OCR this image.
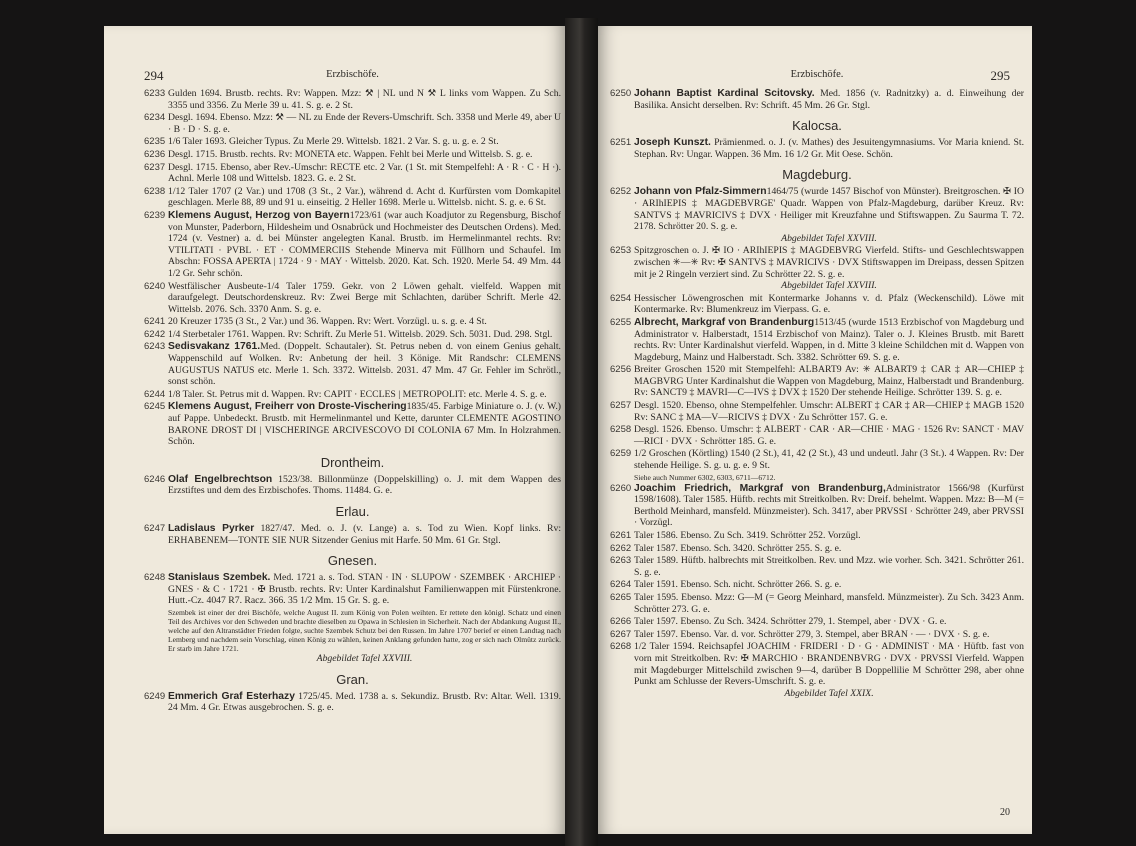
294	Erzbischöfe.
6233 Gulden 1694. Brustb. rechts. Rv: Wappen. Mzz: ⚒ | NL und N ⚒ L links vom Wappen. Zu Sch. 3355 und 3356. Zu Merle 39 u. 41. S. g. e. 2 St.
6234 Desgl. 1694. Ebenso. Mzz: ⚒ — NL zu Ende der Revers-Umschrift. Sch. 3358 und Merle 49, aber U · B · D · S. g. e.
6235 1/6 Taler 1693. Gleicher Typus. Zu Merle 29. Wittelsb. 1821. 2 Var. S. g. u. g. e. 2 St.
6236 Desgl. 1715. Brustb. rechts. Rv: MONETA etc. Wappen. Fehlt bei Merle und Wittelsb. S. g. e.
6237 Desgl. 1715. Ebenso, aber Rev.-Umschr: RECTE etc. 2 Var. (1 St. mit Stempelfehl: A · R · C · H ·). Achnl. Merle 108 und Wittelsb. 1823. G. e. 2 St.
6238 1/12 Taler 1707 (2 Var.) und 1708 (3 St., 2 Var.), während d. Acht d. Kurfürsten vom Domkapitel geschlagen. Merle 88, 89 und 91 u. einseitig. 2 Heller 1698. Merle u. Wittelsb. nicht. S. g. e. 6 St.
6239 Klemens August, Herzog von Bayern1723/61 (war auch Koadjutor zu Regensburg, Bischof von Munster, Paderborn, Hildesheim und Osnabrück und Hochmeister des Deutschen Ordens). Med. 1724 (v. Vestner) a. d. bei Münster angelegten Kanal. Brustb. im Hermelinmantel rechts. Rv: VTILITATI · PVBL · ET · COMMERCIIS Stehende Minerva mit Füllhorn und Schaufel. Im Abschn: FOSSA APERTA | 1724 · 9 · MAY · Wittelsb. 2020. Kat. Sch. 1920. Merle 54. 49 Mm. 44 1/2 Gr. Sehr schön.
6240 Westfälischer Ausbeute-1/4 Taler 1759. Gekr. von 2 Löwen gehalt. vielfeld. Wappen mit daraufgelegt. Deutschordenskreuz. Rv: Zwei Berge mit Schlachten, darüber Schrift. Merle 42. Wittelsb. 2076. Sch. 3370 Anm. S. g. e.
6241 20 Kreuzer 1735 (3 St., 2 Var.) und 36. Wappen. Rv: Wert. Vorzügl. u. s. g. e. 4 St.
6242 1/4 Sterbetaler 1761. Wappen. Rv: Schrift. Zu Merle 51. Wittelsb. 2029. Sch. 5031. Dud. 298. Stgl.
6243 Sedisvakanz 1761.Med. (Doppelt. Schautaler). St. Petrus neben d. von einem Genius gehalt. Wappenschild auf Wolken. Rv: Anbetung der heil. 3 Könige. Mit Randschr: CLEMENS AUGUSTUS NATUS etc. Merle 1. Sch. 3372. Wittelsb. 2031. 47 Mm. 47 Gr. Fehler im Schrötl., sonst schön.
6244 1/8 Taler. St. Petrus mit d. Wappen. Rv: CAPIT · ECCLES | METROPOLIT: etc. Merle 4. S. g. e.
6245 Klemens August, Freiherr von Droste-Vischering1835/45. Farbige Miniature o. J. (v. W.) auf Pappe. Unbedeckt. Brustb. mit Hermelinmantel und Kette, darunter CLEMENTE AGOSTINO BARONE DROST DI | VISCHERINGE ARCIVESCOVO DI COLONIA 67 Mm. In Holzrahmen. Schön.
Drontheim.
6246 Olaf Engelbrechtson 1523/38. Billonmünze (Doppelskilling) o. J. mit dem Wappen des Erzstiftes und dem des Erzbischofes. Thoms. 11484. G. e.
Erlau.
6247 Ladislaus Pyrker 1827/47. Med. o. J. (v. Lange) a. s. Tod zu Wien. Kopf links. Rv: ERHABENEM—TONTE SIE NUR Sitzender Genius mit Harfe. 50 Mm. 61 Gr. Stgl.
Gnesen.
6248 Stanislaus Szembek. Med. 1721 a. s. Tod. STAN · IN · SLUPOW · SZEMBEK · ARCHIEP · GNES · & C · 1721 · ✠ Brustb. rechts. Rv: Unter Kardinalshut Familienwappen mit Fürstenkrone. Hutt.-Cz. 4047 R7. Racz. 366. 35 1/2 Mm. 15 Gr. S. g. e.
Szembek ist einer der drei Bischöfe, welche August II. zum König von Polen weihten. Er rettete den königl. Schatz und einen Teil des Archives vor den Schweden und brachte dieselben zu Opawa in Schlesien in Sicherheit. Nach der Abdankung August II., welche auf den Altranstädter Frieden folgte, suchte Szembek Schutz bei den Russen. Im Jahre 1707 berief er einen Landtag nach Lemberg und nachdem sein Vorschlag, einen König zu wählen, keinen Anklang gefunden hatte, zog er sich nach Olmütz zurück. Er starb im Jahre 1721.
Abgebildet Tafel XXVIII.
Gran.
6249 Emmerich Graf Esterhazy 1725/45. Med. 1738 a. s. Sekundiz. Brustb. Rv: Altar. Well. 1319. 24 Mm. 4 Gr. Etwas ausgebrochen. S. g. e.
Erzbischöfe.	295
6250 Johann Baptist Kardinal Scitovsky. Med. 1856 (v. Radnitzky) a. d. Einweihung der Basilika. Ansicht derselben. Rv: Schrift. 45 Mm. 26 Gr. Stgl.
Kalocsa.
6251 Joseph Kunszt. Prämienmed. o. J. (v. Mathes) des Jesuitengymnasiums. Vor Maria kniend. St. Stephan. Rv: Ungar. Wappen. 36 Mm. 16 1/2 Gr. Mit Oese. Schön.
Magdeburg.
6252 Johann von Pfalz-Simmern1464/75 (wurde 1457 Bischof von Münster). Breitgroschen. ✠ IO · ARIhIEPIS ‡ MAGDEBVRGE' Quadr. Wappen von Pfalz-Magdeburg, darüber Kreuz. Rv: SANTVS ‡ MAVRICIVS ‡ DVX · Heiliger mit Kreuzfahne und Stiftswappen. Zu Saurma T. 72. 2178. Schrötter 20. S. g. e.
Abgebildet Tafel XXVIII.
6253 Spitzgroschen o. J. ✠ IO · ARIhIEPIS ‡ MAGDEBVRG Vierfeld. Stifts- und Geschlechtswappen zwischen ✳—✳ Rv: ✠ SANTVS ‡ MAVRICIVS · DVX Stiftswappen im Dreipass, dessen Spitzen mit je 2 Ringeln verziert sind. Zu Schrötter 22. S. g. e.
Abgebildet Tafel XXVIII.
6254 Hessischer Löwengroschen mit Kontermarke Johanns v. d. Pfalz (Weckenschild). Löwe mit Kontermarke. Rv: Blumenkreuz im Vierpass. G. e.
6255 Albrecht, Markgraf von Brandenburg1513/45 (wurde 1513 Erzbischof von Magdeburg und Administrator v. Halberstadt, 1514 Erzbischof von Mainz). Taler o. J. Kleines Brustb. mit Barett rechts. Rv: Unter Kardinalshut vierfeld. Wappen, in d. Mitte 3 kleine Schildchen mit d. Wappen von Magdeburg, Mainz und Halberstadt. Sch. 3382. Schrötter 69. S. g. e.
6256 Breiter Groschen 1520 mit Stempelfehl: ALBART9 Av: ✳ ALBART9 ‡ CAR ‡ AR—CHIEP ‡ MAGBVRG Unter Kardinalshut die Wappen von Magdeburg, Mainz, Halberstadt und Brandenburg. Rv: SANCT9 ‡ MAVRI—C—IVS ‡ DVX ‡ 1520 Der stehende Heilige. Schrötter 139. S. g. e.
6257 Desgl. 1520. Ebenso, ohne Stempelfehler. Umschr: ALBERT ‡ CAR ‡ AR—CHIEP ‡ MAGB 1520 Rv: SANC ‡ MA—V—RICIVS ‡ DVX · Zu Schrötter 157. G. e.
6258 Desgl. 1526. Ebenso. Umschr: ‡ ALBERT · CAR · AR—CHIE · MAG · 1526 Rv: SANCT · MAV—RICI · DVX · Schrötter 185. G. e.
6259 1/2 Groschen (Körtling) 1540 (2 St.), 41, 42 (2 St.), 43 und undeutl. Jahr (3 St.). 4 Wappen. Rv: Der stehende Heilige. S. g. u. g. e. 9 St.
Siehe auch Nummer 6302, 6303, 6711—6712.
6260 Joachim Friedrich, Markgraf von Brandenburg,Administrator 1566/98 (Kurfürst 1598/1608). Taler 1585. Hüftb. rechts mit Streitkolben. Rv: Dreif. behelmt. Wappen. Mzz: B—M (= Berthold Meinhard, mansfeld. Münzmeister). Sch. 3417, aber PRVSSI · Schrötter 249, aber PRVSSI · Vorzügl.
6261 Taler 1586. Ebenso. Zu Sch. 3419. Schrötter 252. Vorzügl.
6262 Taler 1587. Ebenso. Sch. 3420. Schrötter 255. S. g. e.
6263 Taler 1589. Hüftb. halbrechts mit Streitkolben. Rev. und Mzz. wie vorher. Sch. 3421. Schrötter 261. S. g. e.
6264 Taler 1591. Ebenso. Sch. nicht. Schrötter 266. S. g. e.
6265 Taler 1595. Ebenso. Mzz: G—M (= Georg Meinhard, mansfeld. Münzmeister). Zu Sch. 3423 Anm. Schrötter 273. G. e.
6266 Taler 1597. Ebenso. Zu Sch. 3424. Schrötter 279, 1. Stempel, aber · DVX · G. e.
6267 Taler 1597. Ebenso. Var. d. vor. Schrötter 279, 3. Stempel, aber BRAN · — · DVX · S. g. e.
6268 1/2 Taler 1594. Reichsapfel JOACHIM · FRIDERI · D · G · ADMINIST · MA · Hüftb. fast von vorn mit Streitkolben. Rv: ✠ MARCHIO · BRANDENBVRG · DVX · PRVSSI Vierfeld. Wappen mit Magdeburger Mittelschild zwischen 9—4, darüber B Doppellilie M Schrötter 298, aber ohne Punkt am Schlusse der Revers-Umschrift. S. g. e.
Abgebildet Tafel XXIX.
20
